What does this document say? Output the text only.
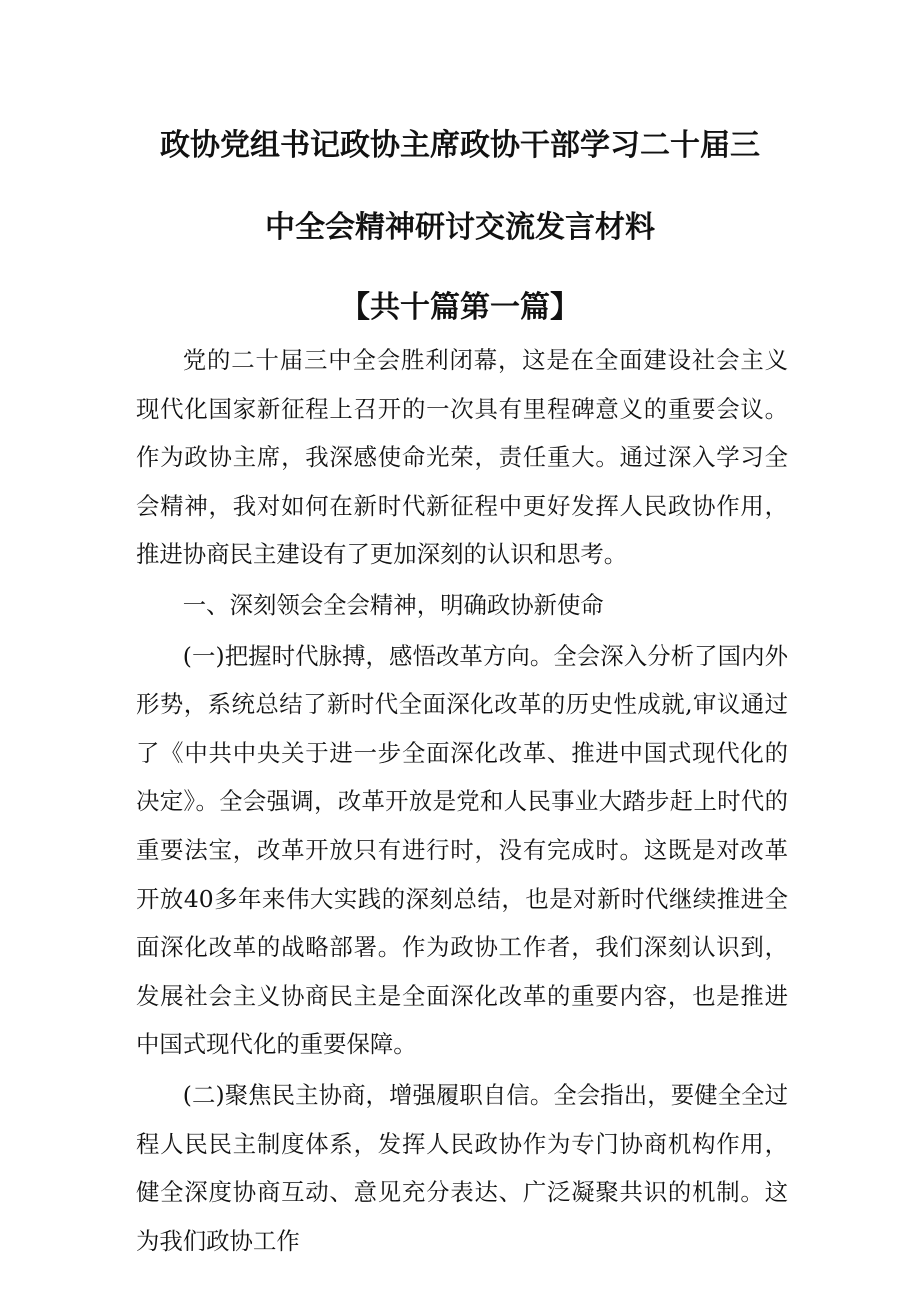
政协党组书记政协主席政协干部学习二十届三
中全会精神研讨交流发言材料
【共十篇第一篇】

党的二十届三中全会胜利闭幕，这是在全面建设社会主义现代化国家新征程上召开的一次具有里程碑意义的重要会议。作为政协主席，我深感使命光荣，责任重大。通过深入学习全会精神，我对如何在新时代新征程中更好发挥人民政协作用，推进协商民主建设有了更加深刻的认识和思考。

一、深刻领会全会精神，明确政协新使命

(一)把握时代脉搏，感悟改革方向。全会深入分析了国内外形势，系统总结了新时代全面深化改革的历史性成就,审议通过了《中共中央关于进一步全面深化改革、推进中国式现代化的决定》。全会强调，改革开放是党和人民事业大踏步赶上时代的重要法宝，改革开放只有进行时，没有完成时。这既是对改革开放40多年来伟大实践的深刻总结，也是对新时代继续推进全面深化改革的战略部署。作为政协工作者，我们深刻认识到，发展社会主义协商民主是全面深化改革的重要内容，也是推进中国式现代化的重要保障。

(二)聚焦民主协商，增强履职自信。全会指出，要健全全过程人民民主制度体系，发挥人民政协作为专门协商机构作用，健全深度协商互动、意见充分表达、广泛凝聚共识的机制。这为我们政协工作
